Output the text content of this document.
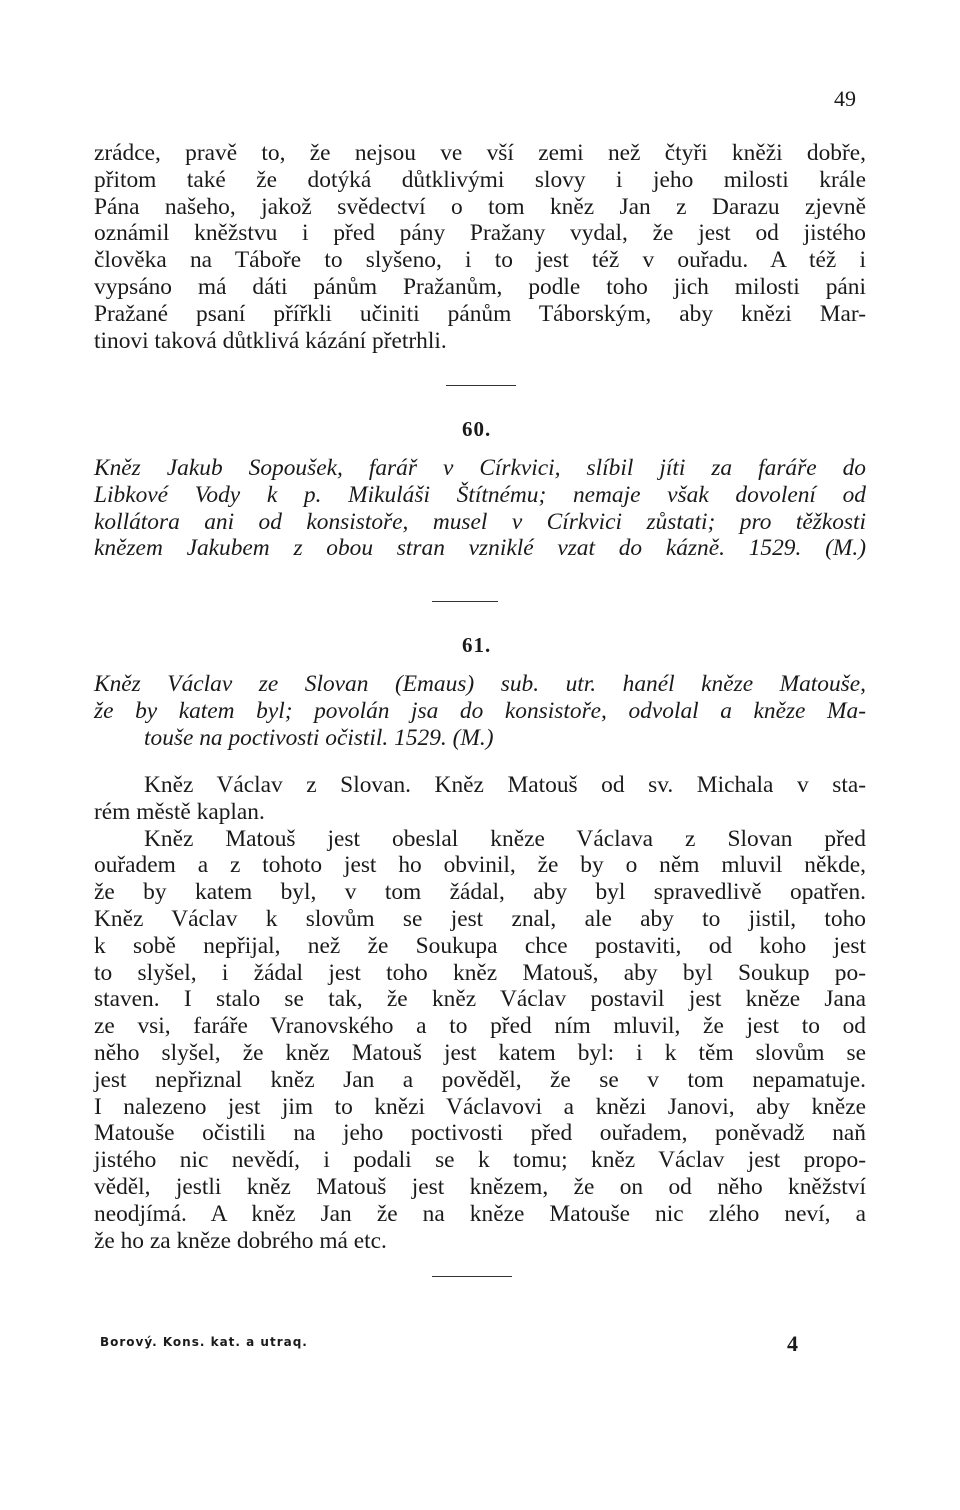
49
zrádce, pravě to, že nejsou ve vší zemi než čtyři kněži dobře,
přitom také že dotýká důtklivými slovy i jeho milosti krále
Pána našeho, jakož svědectví o tom kněz Jan z Darazu zjevně
oznámil kněžstvu i před pány Pražany vydal, že jest od jistého
člověka na Táboře to slyšeno, i to jest též v ouřadu. A též i
vypsáno má dáti pánům Pražanům, podle toho jich milosti páni
Pražané psaní přířkli učiniti pánům Táborským, aby knězi Mar-
tinovi taková důtklivá kázání přetrhli.
60.
Kněz Jakub Sopoušek, farář v Církvici, slíbil jíti za faráře do
Libkové Vody k p. Mikuláši Štítnému; nemaje však dovolení od
kollátora ani od konsistoře, musel v Církvici zůstati; pro těžkosti
knězem Jakubem z obou stran vzniklé vzat do kázně. 1529. (M.)
61.
Kněz Václav ze Slovan (Emaus) sub. utr. hanél kněze Matouše,
že by katem byl; povolán jsa do konsistoře, odvolal a kněze Ma-
touše na poctivosti očistil. 1529. (M.)
Kněz Václav z Slovan. Kněz Matouš od sv. Michala v sta-
rém městě kaplan.
Kněz Matouš jest obeslal kněze Václava z Slovan před
ouřadem a z tohoto jest ho obvinil, že by o něm mluvil někde,
že by katem byl, v tom žádal, aby byl spravedlivě opatřen.
Kněz Václav k slovům se jest znal, ale aby to jistil, toho
k sobě nepřijal, než že Soukupa chce postaviti, od koho jest
to slyšel, i žádal jest toho kněz Matouš, aby byl Soukup po-
staven. I stalo se tak, že kněz Václav postavil jest kněze Jana
ze vsi, faráře Vranovského a to před ním mluvil, že jest to od
něho slyšel, že kněz Matouš jest katem byl: i k těm slovům se
jest nepřiznal kněz Jan a pověděl, že se v tom nepamatuje.
I nalezeno jest jim to knězi Václavovi a knězi Janovi, aby kněze
Matouše očistili na jeho poctivosti před ouřadem, poněvadž naň
jistého nic nevědí, i podali se k tomu; kněz Václav jest propo-
věděl, jestli kněz Matouš jest knězem, že on od něho kněžství
neodjímá. A kněz Jan že na kněze Matouše nic zlého neví, a
že ho za kněze dobrého má etc.
Borový. Kons. kat. a utraq.	4
